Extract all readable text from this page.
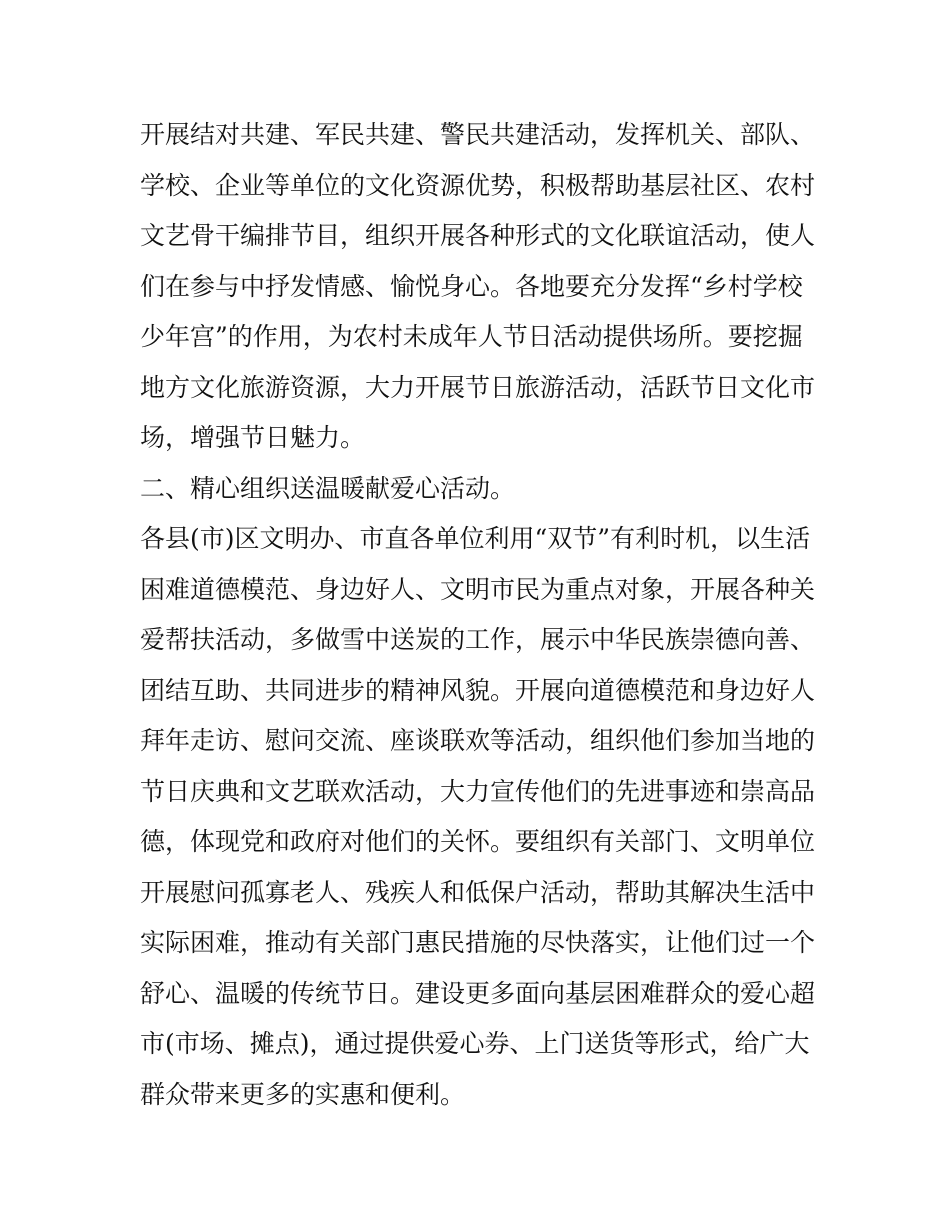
开展结对共建、军民共建、警民共建活动，发挥机关、部队、
学校、企业等单位的文化资源优势，积极帮助基层社区、农村
文艺骨干编排节目，组织开展各种形式的文化联谊活动，使人
们在参与中抒发情感、愉悦身心。各地要充分发挥“乡村学校
少年宫”的作用，为农村未成年人节日活动提供场所。要挖掘
地方文化旅游资源，大力开展节日旅游活动，活跃节日文化市
场，增强节日魅力。
二、精心组织送温暖献爱心活动。
各县(市)区文明办、市直各单位利用“双节”有利时机，以生活
困难道德模范、身边好人、文明市民为重点对象，开展各种关
爱帮扶活动，多做雪中送炭的工作，展示中华民族崇德向善、
团结互助、共同进步的精神风貌。开展向道德模范和身边好人
拜年走访、慰问交流、座谈联欢等活动，组织他们参加当地的
节日庆典和文艺联欢活动，大力宣传他们的先进事迹和崇高品
德，体现党和政府对他们的关怀。要组织有关部门、文明单位
开展慰问孤寡老人、残疾人和低保户活动，帮助其解决生活中
实际困难，推动有关部门惠民措施的尽快落实，让他们过一个
舒心、温暖的传统节日。建设更多面向基层困难群众的爱心超
市(市场、摊点)，通过提供爱心券、上门送货等形式，给广大
群众带来更多的实惠和便利。
